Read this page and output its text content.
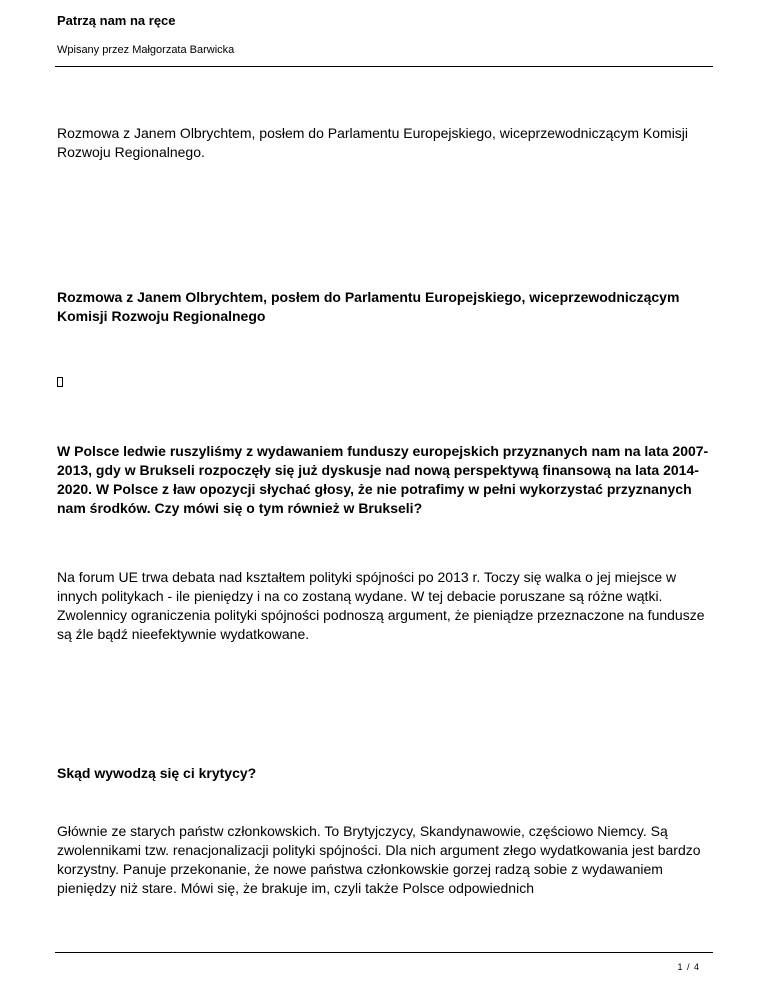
Patrzą nam na ręce
Wpisany przez Małgorzata Barwicka

Rozmowa z Janem Olbrychtem, posłem do Parlamentu Europejskiego, wiceprzewodniczącym Komisji Rozwoju Regionalnego.

Rozmowa z Janem Olbrychtem, posłem do Parlamentu Europejskiego, wiceprzewodniczącym Komisji Rozwoju Regionalnego

W Polsce ledwie ruszyliśmy z wydawaniem funduszy europejskich przyznanych nam na lata 2007-2013, gdy w Brukseli rozpoczęły się już dyskusje nad nową perspektywą finansową na lata 2014-2020. W Polsce z ław opozycji słychać głosy, że nie potrafimy w pełni wykorzystać przyznanych nam środków. Czy mówi się o tym również w Brukseli?

Na forum UE trwa debata nad kształtem polityki spójności po 2013 r. Toczy się walka o jej miejsce w innych politykach - ile pieniędzy i na co zostaną wydane. W tej debacie poruszane są różne wątki. Zwolennicy ograniczenia polityki spójności podnoszą argument, że pieniądze przeznaczone na fundusze są źle bądź nieefektywnie wydatkowane.

Skąd wywodzą się ci krytycy?

Głównie ze starych państw członkowskich. To Brytyjczycy, Skandynawowie, częściowo Niemcy. Są zwolennikami tzw. renacjonalizacji polityki spójności. Dla nich argument złego wydatkowania jest bardzo korzystny. Panuje przekonanie, że nowe państwa członkowskie gorzej radzą sobie z wydawaniem pieniędzy niż stare. Mówi się, że brakuje im, czyli także Polsce odpowiednich

1 / 4
